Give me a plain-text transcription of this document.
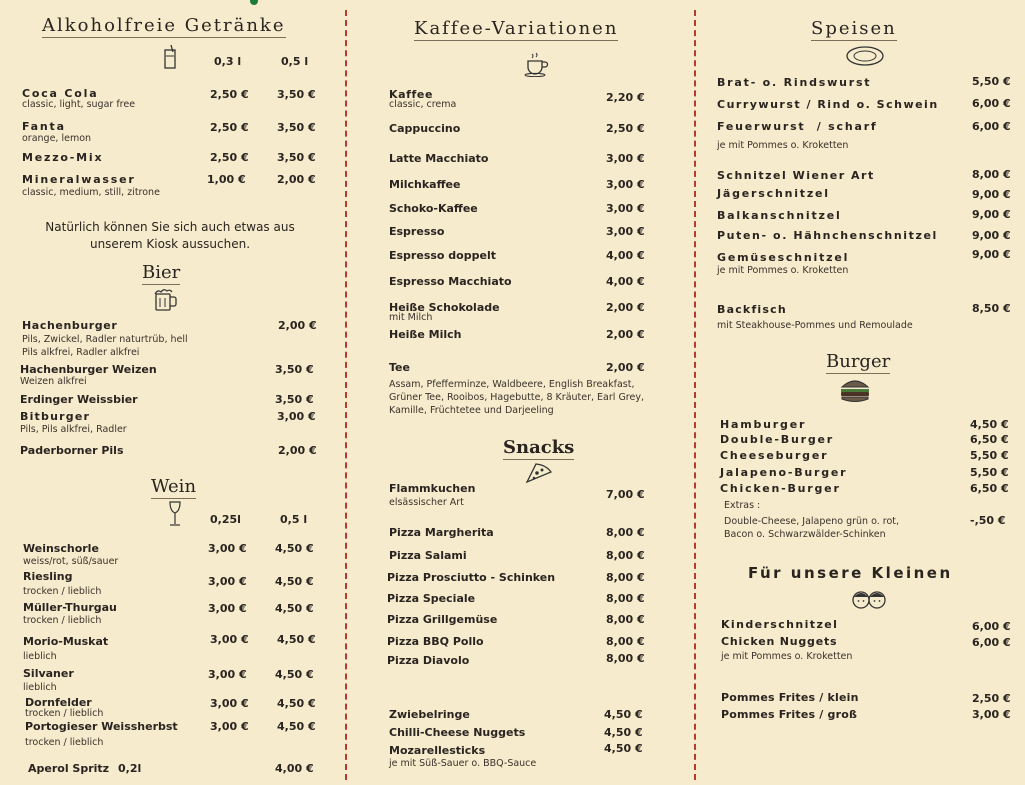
Alkoholfreie Getränke
0,3 l	0,5 l
Coca Cola
classic, light, sugar free
2,50 €	3,50 €
Fanta
orange, lemon
2,50 €	3,50 €
Mezzo-Mix	2,50 €	3,50 €
Mineralwasser
classic, medium, still, zitrone
1,00 €	2,00 €
Natürlich können Sie sich auch etwas aus
unserem Kiosk aussuchen.
Bier
Hachenburger
Pils, Zwickel, Radler naturtrüb, hell
Pils alkfrei, Radler alkfrei
2,00 €
Hachenburger Weizen
Weizen alkfrei
3,50 €
Erdinger Weissbier	3,50 €
Bitburger
Pils, Pils alkfrei, Radler
3,00 €
Paderborner Pils	2,00 €
Wein
0,25l	0,5 l
Weinschorle
weiss/rot, süß/sauer
3,00 €	4,50 €
Riesling
trocken / lieblich
3,00 €	4,50 €
Müller-Thurgau
trocken / lieblich
3,00 €	4,50 €
Morio-Muskat
lieblich
3,00 €	4,50 €
Silvaner
lieblich
3,00 €	4,50 €
Dornfelder
trocken / lieblich
3,00 €	4,50 €
Portogieser Weissherbst
trocken / lieblich
3,00 €	4,50 €
Aperol Spritz 0,2l	4,00 €
Kaffee-Variationen
Kaffee
classic, crema
2,20 €
Cappuccino	2,50 €
Latte Macchiato	3,00 €
Milchkaffee	3,00 €
Schoko-Kaffee	3,00 €
Espresso	3,00 €
Espresso doppelt	4,00 €
Espresso Macchiato	4,00 €
Heiße Schokolade
mit Milch
2,00 €
Heiße Milch	2,00 €
Tee	2,00 €
Assam, Pfefferminze, Waldbeere, English Breakfast,
Grüner Tee, Rooibos, Hagebutte, 8 Kräuter, Earl Grey,
Kamille, Früchtetee und Darjeeling
Snacks
Flammkuchen
elsässischer Art
7,00 €
Pizza Margherita	8,00 €
Pizza Salami	8,00 €
Pizza Prosciutto - Schinken	8,00 €
Pizza Speciale	8,00 €
Pizza Grillgemüse	8,00 €
Pizza BBQ Pollo	8,00 €
Pizza Diavolo	8,00 €
Zwiebelringe	4,50 €
Chilli-Cheese Nuggets	4,50 €
Mozarellesticks	4,50 €
je mit Süß-Sauer o. BBQ-Sauce
Speisen
Brat- o. Rindswurst	5,50 €
Currywurst / Rind o. Schwein	6,00 €
Feuerwurst  / scharf	6,00 €
je mit Pommes o. Kroketten
Schnitzel Wiener Art	8,00 €
Jägerschnitzel	9,00 €
Balkanschnitzel	9,00 €
Puten- o. Hähnchenschnitzel	9,00 €
Gemüseschnitzel	9,00 €
je mit Pommes o. Kroketten
Backfisch
mit Steakhouse-Pommes und Remoulade
8,50 €
Burger
Hamburger	4,50 €
Double-Burger	6,50 €
Cheeseburger	5,50 €
Jalapeno-Burger	5,50 €
Chicken-Burger	6,50 €
Extras :
Double-Cheese, Jalapeno grün o. rot,
Bacon o. Schwarzwälder-Schinken
-,50 €
Für unsere Kleinen
Kinderschnitzel	6,00 €
Chicken Nuggets	6,00 €
je mit Pommes o. Kroketten
Pommes Frites / klein	2,50 €
Pommes Frites / groß	3,00 €
